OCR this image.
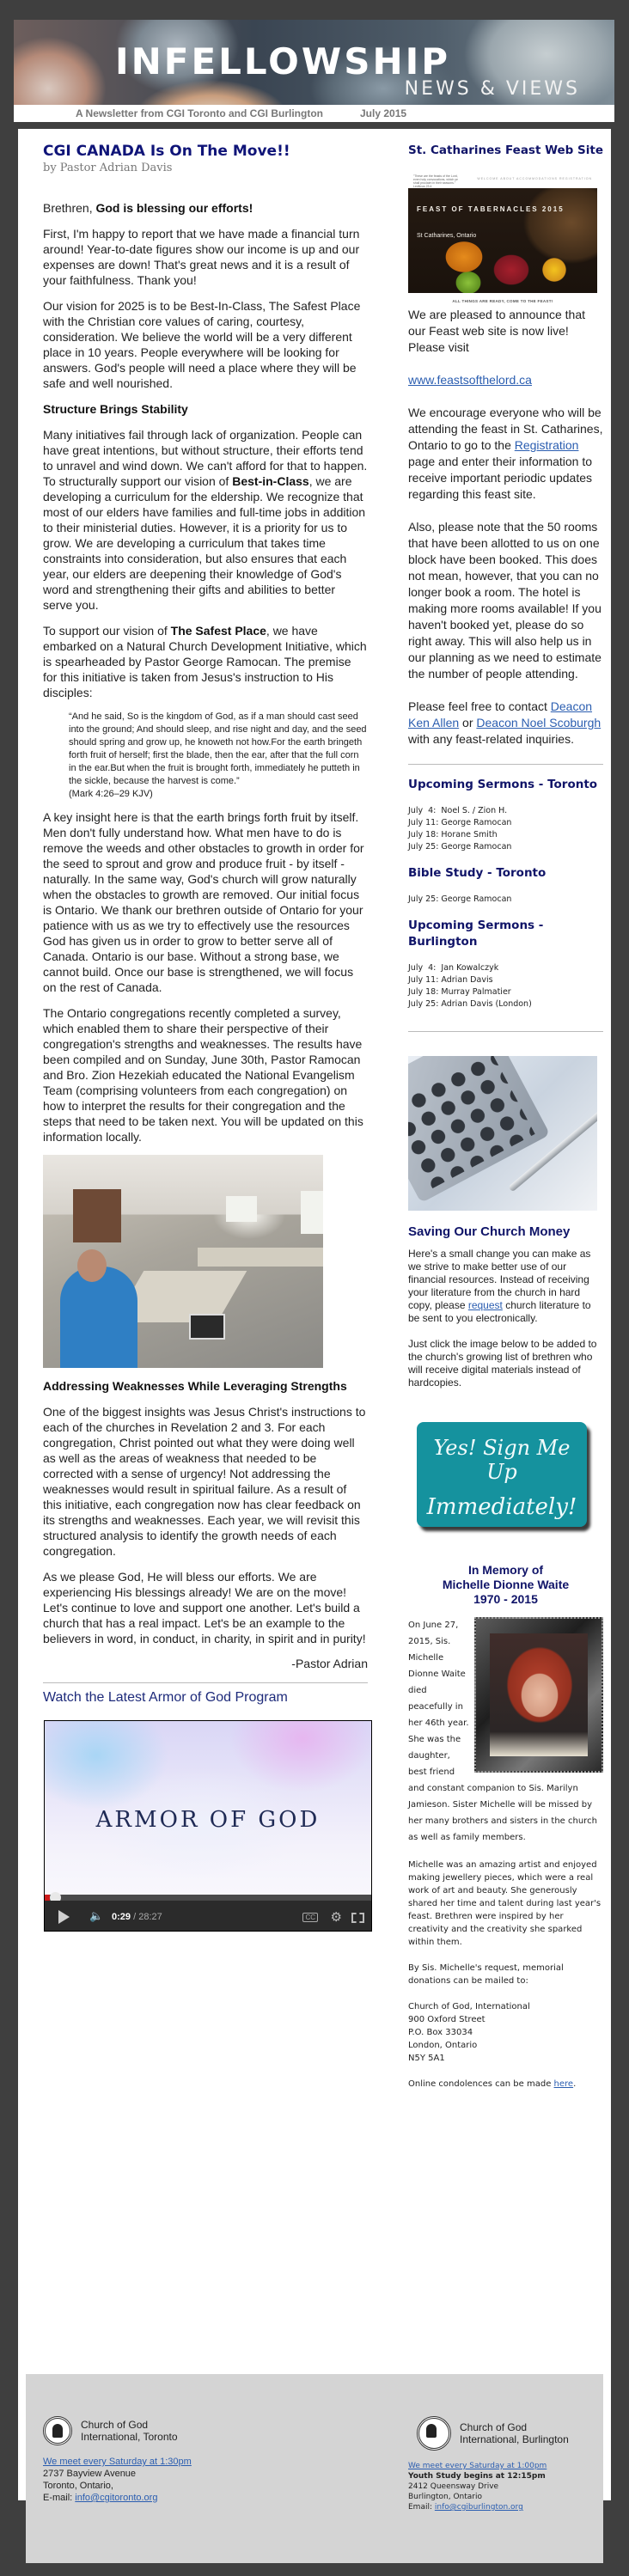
INFELLOWSHIP
NEWS & VIEWS
A Newsletter from CGI Toronto and CGI Burlington	July 2015
CGI CANADA Is On The Move!!
by Pastor Adrian Davis

Brethren, God is blessing our efforts!

First, I'm happy to report that we have made a financial turn around! Year-to-date figures show our income is up and our expenses are down! That's great news and it is a result of your faithfulness. Thank you!

Our vision for 2025 is to be Best-In-Class, The Safest Place with the Christian core values of caring, courtesy, consideration. We believe the world will be a very different place in 10 years. People everywhere will be looking for answers. God's people will need a place where they will be safe and well nourished.

Structure Brings Stability

Many initiatives fail through lack of organization. People can have great intentions, but without structure, their efforts tend to unravel and wind down. We can't afford for that to happen. To structurally support our vision of Best-in-Class, we are developing a curriculum for the eldership. We recognize that most of our elders have families and full-time jobs in addition to their ministerial duties. However, it is a priority for us to grow. We are developing a curriculum that takes time constraints into consideration, but also ensures that each year, our elders are deepening their knowledge of God's word and strengthening their gifts and abilities to better serve you.

To support our vision of The Safest Place, we have embarked on a Natural Church Development Initiative, which is spearheaded by Pastor George Ramocan. The premise for this initiative is taken from Jesus's instruction to His disciples:

“And he said, So is the kingdom of God, as if a man should cast seed into the ground; And should sleep, and rise night and day, and the seed should spring and grow up, he knoweth not how.For the earth bringeth forth fruit of herself; first the blade, then the ear, after that the full corn in the ear.But when the fruit is brought forth, immediately he putteth in the sickle, because the harvest is come.”
(Mark 4:26–29 KJV)

A key insight here is that the earth brings forth fruit by itself. Men don't fully understand how. What men have to do is remove the weeds and other obstacles to growth in order for the seed to sprout and grow and produce fruit - by itself - naturally. In the same way, God's church will grow naturally when the obstacles to growth are removed. Our initial focus is Ontario. We thank our brethren outside of Ontario for your patience with us as we try to effectively use the resources God has given us in order to grow to better serve all of Canada. Ontario is our base. Without a strong base, we cannot build. Once our base is strengthened, we will focus on the rest of Canada.

The Ontario congregations recently completed a survey, which enabled them to share their perspective of their congregation's strengths and weaknesses. The results have been compiled and on Sunday, June 30th, Pastor Ramocan and Bro. Zion Hezekiah educated the National Evangelism Team (comprising volunteers from each congregation) on how to interpret the results for their congregation and the steps that need to be taken next. You will be updated on this information locally.

Addressing Weaknesses While Leveraging Strengths

One of the biggest insights was Jesus Christ's instructions to each of the churches in Revelation 2 and 3. For each congregation, Christ pointed out what they were doing well as well as the areas of weakness that needed to be corrected with a sense of urgency! Not addressing the weaknesses would result in spiritual failure. As a result of this initiative, each congregation now has clear feedback on its strengths and weaknesses. Each year, we will revisit this structured analysis to identify the growth needs of each congregation.

As we please God, He will bless our efforts. We are experiencing His blessings already! We are on the move! Let's continue to love and support one another. Let's build a church that has a real impact. Let's be an example to the believers in word, in conduct, in charity, in spirit and in purity!

-Pastor Adrian
Watch the Latest Armor of God Program
ARMOR OF GOD
🔈 0:29 / 28:27	CC ⚙
St. Catharines Feast Web Site
"These are the feasts of the Lord, even holy convocations, which ye shall proclaim in their seasons." Leviticus 23:4
WELCOME ABOUT ACCOMMODATIONS REGISTRATION
FEAST OF TABERNACLES 2015
St Catharines, Ontario
ALL THINGS ARE READY, COME TO THE FEAST!

We are pleased to announce that our Feast web site is now live! Please visit

www.feastsofthelord.ca

We encourage everyone who will be attending the feast in St. Catharines, Ontario to go to the Registration page and enter their information to receive important periodic updates regarding this feast site.

Also, please note that the 50 rooms that have been allotted to us on one block have been booked. This does not mean, however, that you can no longer book a room. The hotel is making more rooms available! If you haven't booked yet, please do so right away. This will also help us in our planning as we need to estimate the number of people attending.

Please feel free to contact Deacon Ken Allen or Deacon Noel Scoburgh with any feast-related inquiries.

Upcoming Sermons - Toronto
July  4:  Noel S. / Zion H.
July 11: George Ramocan
July 18: Horane Smith
July 25: George Ramocan
Bible Study - Toronto
July 25: George Ramocan
Upcoming Sermons - Burlington
July  4:  Jan Kowalczyk
July 11: Adrian Davis
July 18: Murray Palmatier
July 25: Adrian Davis (London)
Saving Our Church Money

Here's a small change you can make as we strive to make better use of our financial resources. Instead of receiving your literature from the church in hard copy, please request church literature to be sent to you electronically.

Just click the image below to be added to the church's growing list of brethren who will receive digital materials instead of hardcopies.

Yes! Sign Me Up
Immediately!
In Memory of
Michelle Dionne Waite
1970 - 2015

On June 27, 2015, Sis. Michelle Dionne Waite died peacefully in her 46th year. She was the daughter, best friend and constant companion to Sis. Marilyn Jamieson. Sister Michelle will be missed by her many brothers and sisters in the church as well as family members.

Michelle was an amazing artist and enjoyed making jewellery pieces, which were a real work of art and beauty. She generously shared her time and talent during last year's feast. Brethren were inspired by her creativity and the creativity she sparked within them.

By Sis. Michelle's request, memorial donations can be mailed to:

Church of God, International
900 Oxford Street
P.O. Box 33034
London, Ontario
N5Y 5A1

Online condolences can be made here.

Church of God
International, Toronto
We meet every Saturday at 1:30pm
2737 Bayview Avenue
Toronto, Ontario,
E-mail: info@cgitoronto.org
Church of God
International, Burlington
We meet every Saturday at 1:00pm
Youth Study begins at 12:15pm
2412 Queensway Drive
Burlington, Ontario
Email: info@cgiburlington.org
